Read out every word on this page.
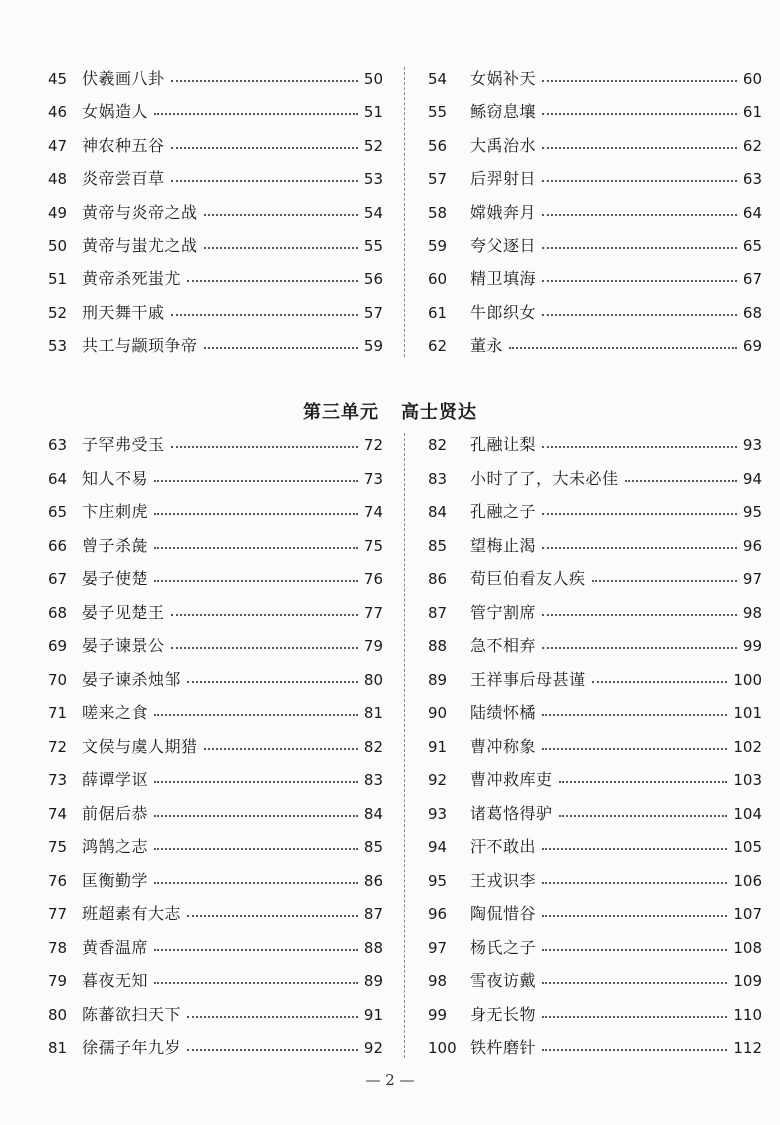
45 伏羲画八卦	50
46 女娲造人	51
47 神农种五谷	52
48 炎帝尝百草	53
49 黄帝与炎帝之战	54
50 黄帝与蚩尤之战	55
51 黄帝杀死蚩尤	56
52 刑天舞干戚	57
53 共工与颛顼争帝	59
54	女娲补天	60
55	鲧窃息壤	61
56	大禹治水	62
57	后羿射日	63
58	嫦娥奔月	64
59	夸父逐日	65
60	精卫填海	67
61	牛郎织女	68
62	董永	69
第三单元 高士贤达
63 子罕弗受玉	72
64 知人不易	73
65 卞庄刺虎	74
66 曾子杀彘	75
67 晏子使楚	76
68 晏子见楚王	77
69 晏子谏景公	79
70 晏子谏杀烛邹	80
71 嗟来之食	81
72 文侯与虞人期猎	82
73 薛谭学讴	83
74 前倨后恭	84
75 鸿鹄之志	85
76 匡衡勤学	86
77 班超素有大志	87
78 黄香温席	88
79 暮夜无知	89
80 陈蕃欲扫天下	91
81 徐孺子年九岁	92
82	孔融让梨	93
83	小时了了，大未必佳	94
84	孔融之子	95
85	望梅止渴	96
86	荀巨伯看友人疾	97
87	管宁割席	98
88	急不相弃	99
89	王祥事后母甚谨	100
90	陆绩怀橘	101
91	曹冲称象	102
92	曹冲救库吏	103
93	诸葛恪得驴	104
94	汗不敢出	105
95	王戎识李	106
96	陶侃惜谷	107
97	杨氏之子	108
98	雪夜访戴	109
99	身无长物	110
100 铁杵磨针	112
— 2 —
